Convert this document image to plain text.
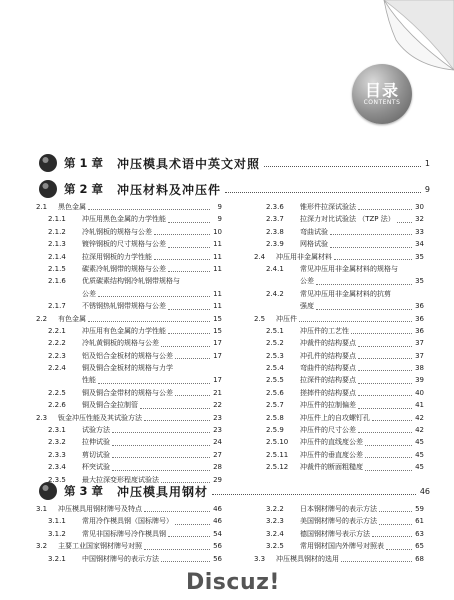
目录
CONTENTS
第 1 章 冲压模具术语中英文对照	1
第 2 章 冲压材料及冲压件	9
2.1	黑色金属	9
2.1.1	冲压用黑色金属的力学性能	9
2.1.2	冷轧钢板的规格与公差	10
2.1.3	镀锌钢板的尺寸规格与公差	11
2.1.4	拉深用钢板的力学性能	11
2.1.5	碳素冷轧钢带的规格与公差	11
2.1.6	优质碳素结构钢冷轧钢带规格与
公差	11
2.1.7	不锈钢热轧钢带规格与公差	11
2.2	有色金属	15
2.2.1	冲压用有色金属的力学性能	15
2.2.2	冷轧黄铜板的规格与公差	17
2.2.3	铝及铝合金板材的规格与公差	17
2.2.4	铜及铜合金板材的规格与力学
性能	17
2.2.5	铜及铜合金带材的规格与公差	21
2.2.6	铜及铜合金拉制管	22
2.3	钣金冲压性能及其试验方法	23
2.3.1	试验方法	23
2.3.2	拉伸试验	24
2.3.3	剪切试验	27
2.3.4	杯突试验	28
2.3.5	最大拉深变形程度试验法	29
2.3.6	锥形件拉深试验法	30
2.3.7	拉深力对比试验法 （TZP 法）	32
2.3.8	弯曲试验	33
2.3.9	网格试验	34
2.4	冲压用非金属材料	35
2.4.1	常见冲压用非金属材料的规格与
公差	35
2.4.2	常见冲压用非金属材料的抗剪
强度	36
2.5	冲压件	36
2.5.1	冲压件的工艺性	36
2.5.2	冲裁件的结构要点	37
2.5.3	冲孔件的结构要点	37
2.5.4	弯曲件的结构要点	38
2.5.5	拉深件的结构要点	39
2.5.6	搓摔件的结构要点	40
2.5.7	冲压件的拉制偏差	41
2.5.8	冲压件上的自攻螺钉孔	42
2.5.9	冲压件的尺寸公差	42
2.5.10	冲压件的直线度公差	45
2.5.11	冲压件的垂直度公差	45
2.5.12	冲裁件的断面粗糙度	45
第 3 章 冲压模具用钢材	46
3.1	冲压模具用钢材牌号及特点	46
3.1.1	常用冷作模具钢（国标牌号）	46
3.1.2	常见非国标牌号冷作模具钢	54
3.2	主要工业国家钢材牌号对照	56
3.2.1	中国钢材牌号的表示方法	56
3.2.2	日本钢材牌号的表示方法	59
3.2.3	美国钢材牌号的表示方法	61
3.2.4	德国钢材牌号表示方法	63
3.2.5	常用钢材国内外牌号对照表	65
3.3	冲压模具钢材的选用	68
Discuz!
